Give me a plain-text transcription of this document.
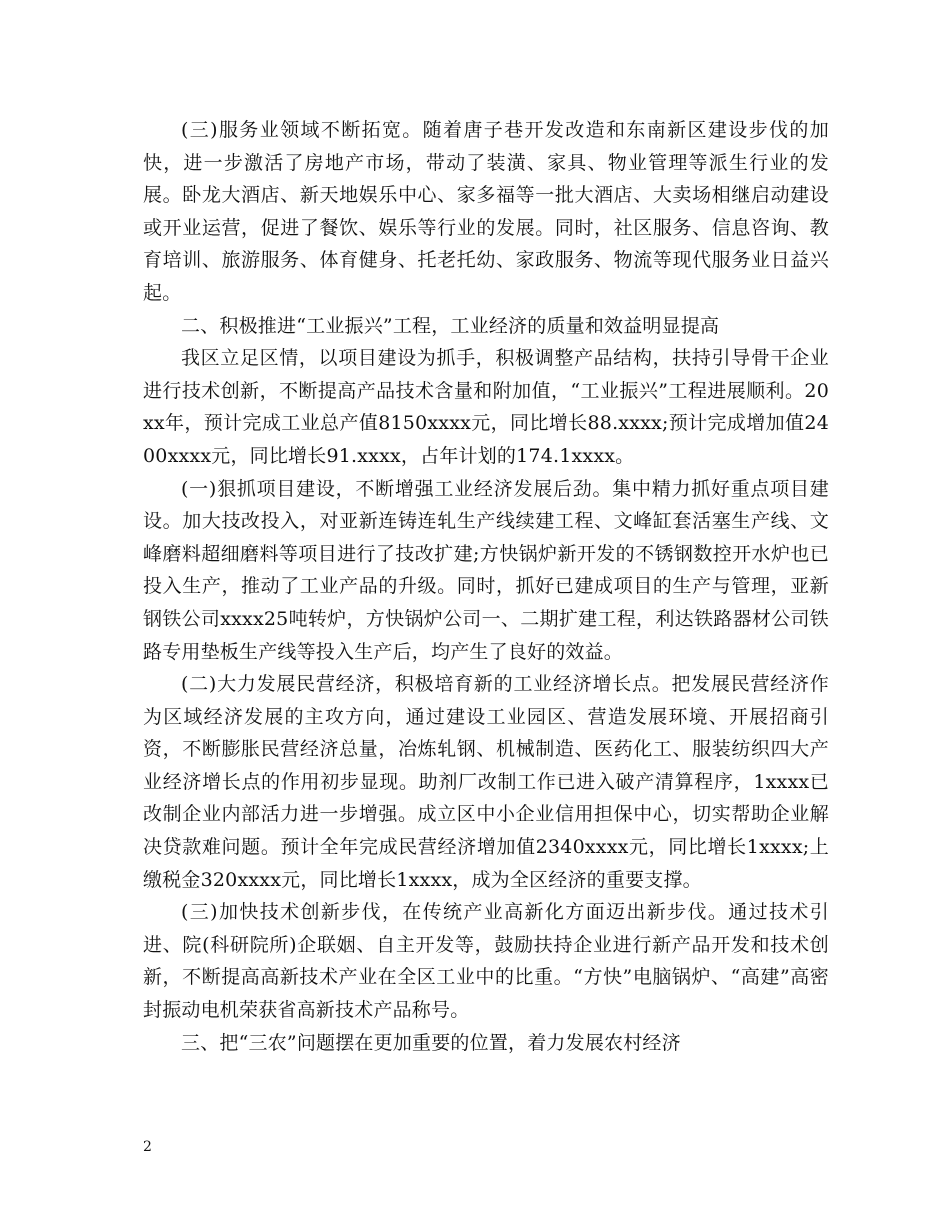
(三)服务业领域不断拓宽。随着唐子巷开发改造和东南新区建设步伐的加快，进一步激活了房地产市场，带动了装潢、家具、物业管理等派生行业的发展。卧龙大酒店、新天地娱乐中心、家多福等一批大酒店、大卖场相继启动建设或开业运营，促进了餐饮、娱乐等行业的发展。同时，社区服务、信息咨询、教育培训、旅游服务、体育健身、托老托幼、家政服务、物流等现代服务业日益兴起。

二、积极推进“工业振兴”工程，工业经济的质量和效益明显提高

我区立足区情，以项目建设为抓手，积极调整产品结构，扶持引导骨干企业进行技术创新，不断提高产品技术含量和附加值，“工业振兴”工程进展顺利。20xx年，预计完成工业总产值8150xxxx元，同比增长88.xxxx;预计完成增加值2400xxxx元，同比增长91.xxxx，占年计划的174.1xxxx。

(一)狠抓项目建设，不断增强工业经济发展后劲。集中精力抓好重点项目建设。加大技改投入，对亚新连铸连轧生产线续建工程、文峰缸套活塞生产线、文峰磨料超细磨料等项目进行了技改扩建;方快锅炉新开发的不锈钢数控开水炉也已投入生产，推动了工业产品的升级。同时，抓好已建成项目的生产与管理，亚新钢铁公司xxxx25吨转炉，方快锅炉公司一、二期扩建工程，利达铁路器材公司铁路专用垫板生产线等投入生产后，均产生了良好的效益。

(二)大力发展民营经济，积极培育新的工业经济增长点。把发展民营经济作为区域经济发展的主攻方向，通过建设工业园区、营造发展环境、开展招商引资，不断膨胀民营经济总量，冶炼轧钢、机械制造、医药化工、服装纺织四大产业经济增长点的作用初步显现。助剂厂改制工作已进入破产清算程序，1xxxx已改制企业内部活力进一步增强。成立区中小企业信用担保中心，切实帮助企业解决贷款难问题。预计全年完成民营经济增加值2340xxxx元，同比增长1xxxx;上缴税金320xxxx元，同比增长1xxxx，成为全区经济的重要支撑。

(三)加快技术创新步伐，在传统产业高新化方面迈出新步伐。通过技术引进、院(科研院所)企联姻、自主开发等，鼓励扶持企业进行新产品开发和技术创新，不断提高高新技术产业在全区工业中的比重。“方快”电脑锅炉、“高建”高密封振动电机荣获省高新技术产品称号。

三、把“三农”问题摆在更加重要的位置，着力发展农村经济

2
